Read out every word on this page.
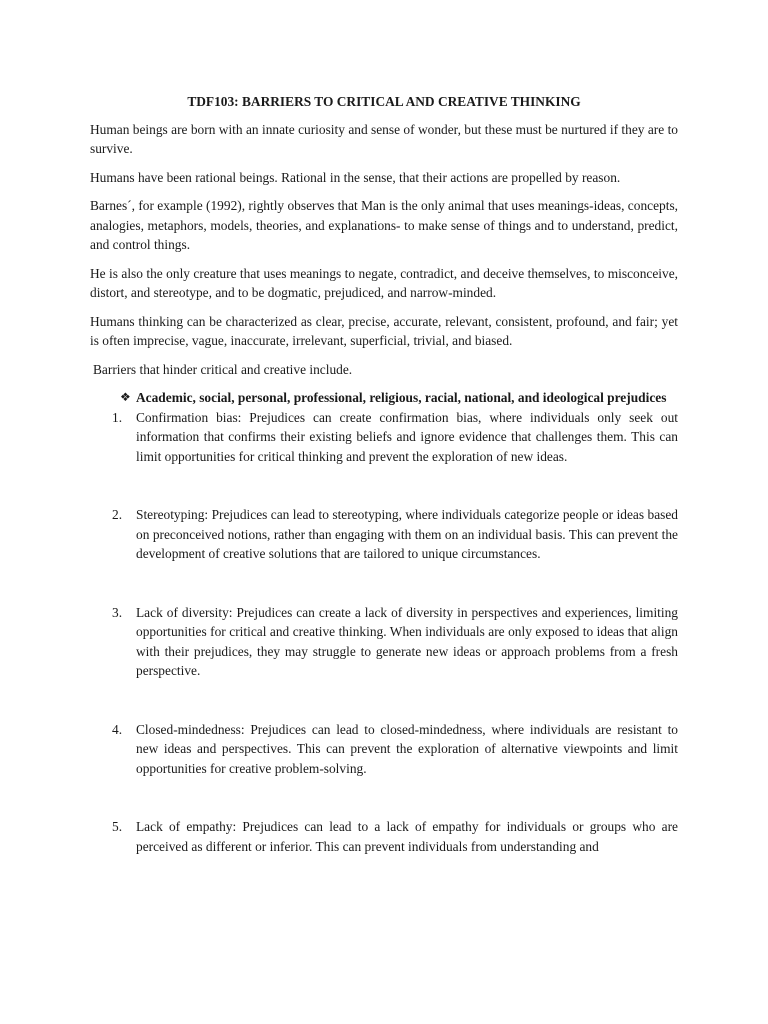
TDF103: BARRIERS TO CRITICAL AND CREATIVE THINKING

Human beings are born with an innate curiosity and sense of wonder, but these must be nurtured if they are to survive.

Humans have been rational beings. Rational in the sense, that their actions are propelled by reason.

Barnes´, for example (1992), rightly observes that Man is the only animal that uses meanings-ideas, concepts, analogies, metaphors, models, theories, and explanations- to make sense of things and to understand, predict, and control things.

He is also the only creature that uses meanings to negate, contradict, and deceive themselves, to misconceive, distort, and stereotype, and to be dogmatic, prejudiced, and narrow-minded.

Humans thinking can be characterized as clear, precise, accurate, relevant, consistent, profound, and fair; yet is often imprecise, vague, inaccurate, irrelevant, superficial, trivial, and biased.

Barriers that hinder critical and creative include.

❖ Academic, social, personal, professional, religious, racial, national, and ideological prejudices
1.	Confirmation bias: Prejudices can create confirmation bias, where individuals only seek out information that confirms their existing beliefs and ignore evidence that challenges them. This can limit opportunities for critical thinking and prevent the exploration of new ideas.
2.	Stereotyping: Prejudices can lead to stereotyping, where individuals categorize people or ideas based on preconceived notions, rather than engaging with them on an individual basis. This can prevent the development of creative solutions that are tailored to unique circumstances.
3.	Lack of diversity: Prejudices can create a lack of diversity in perspectives and experiences, limiting opportunities for critical and creative thinking. When individuals are only exposed to ideas that align with their prejudices, they may struggle to generate new ideas or approach problems from a fresh perspective.
4.	Closed-mindedness: Prejudices can lead to closed-mindedness, where individuals are resistant to new ideas and perspectives. This can prevent the exploration of alternative viewpoints and limit opportunities for creative problem-solving.
5.	Lack of empathy: Prejudices can lead to a lack of empathy for individuals or groups who are perceived as different or inferior. This can prevent individuals from understanding and
